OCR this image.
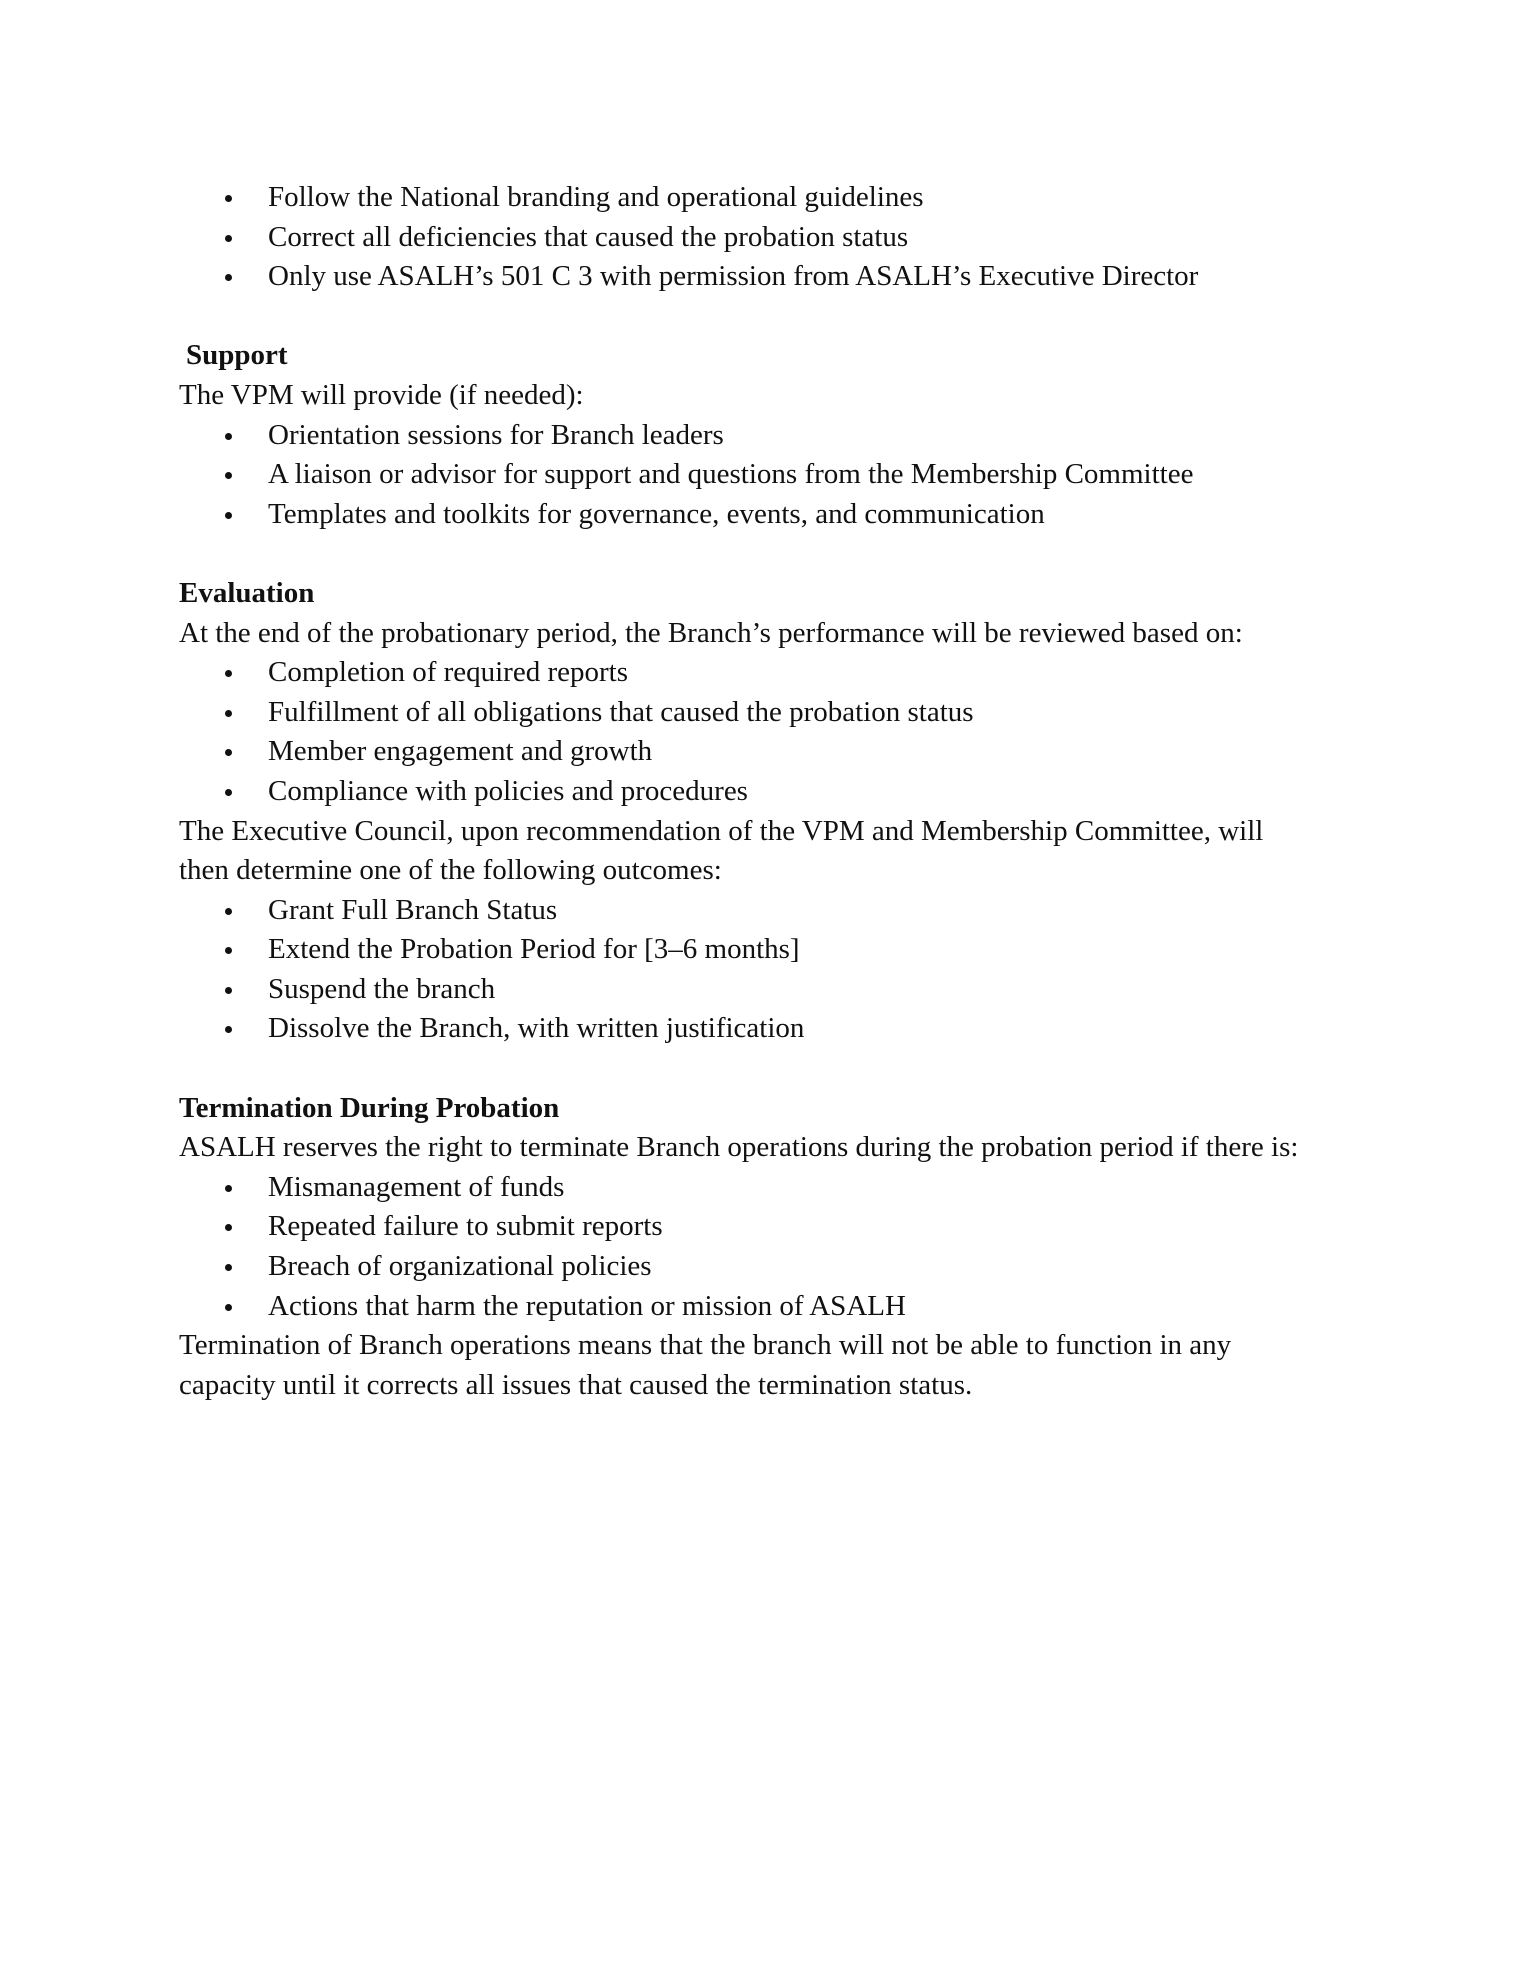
Follow the National branding and operational guidelines
Correct all deficiencies that caused the probation status
Only use ASALH’s 501 C 3 with permission from ASALH’s Executive Director
Support

The VPM will provide (if needed):

Orientation sessions for Branch leaders
A liaison or advisor for support and questions from the Membership Committee
Templates and toolkits for governance, events, and communication
Evaluation

At the end of the probationary period, the Branch’s performance will be reviewed based on:

Completion of required reports
Fulfillment of all obligations that caused the probation status
Member engagement and growth
Compliance with policies and procedures

The Executive Council, upon recommendation of the VPM and Membership Committee, will

then determine one of the following outcomes:

Grant Full Branch Status
Extend the Probation Period for [3–6 months]
Suspend the branch
Dissolve the Branch, with written justification
Termination During Probation

ASALH reserves the right to terminate Branch operations during the probation period if there is:

Mismanagement of funds
Repeated failure to submit reports
Breach of organizational policies
Actions that harm the reputation or mission of ASALH

Termination of Branch operations means that the branch will not be able to function in any

capacity until it corrects all issues that caused the termination status.
